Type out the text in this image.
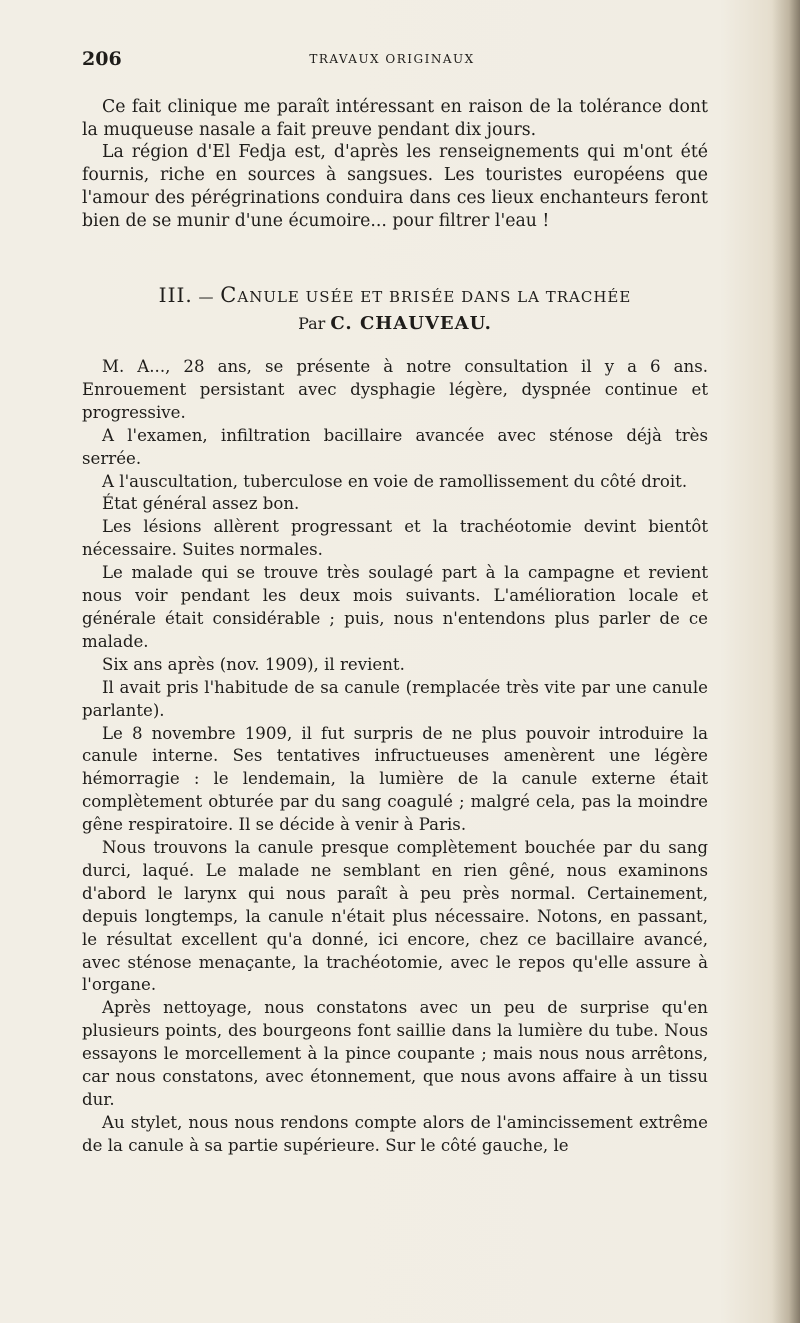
206	TRAVAUX ORIGINAUX

Ce fait clinique me paraît intéressant en raison de la tolérance dont la muqueuse nasale a fait preuve pendant dix jours.

La région d'El Fedja est, d'après les renseignements qui m'ont été fournis, riche en sources à sangsues. Les touristes européens que l'amour des pérégrinations conduira dans ces lieux enchanteurs feront bien de se munir d'une écumoire... pour filtrer l'eau !

III. — CANULE USÉE ET BRISÉE DANS LA TRACHÉE
Par C. CHAUVEAU.

M. A..., 28 ans, se présente à notre consultation il y a 6 ans. Enrouement persistant avec dysphagie légère, dyspnée continue et progressive.

A l'examen, infiltration bacillaire avancée avec sténose déjà très serrée.

A l'auscultation, tuberculose en voie de ramollissement du côté droit.

État général assez bon.

Les lésions allèrent progressant et la trachéotomie devint bientôt nécessaire. Suites normales.

Le malade qui se trouve très soulagé part à la campagne et revient nous voir pendant les deux mois suivants. L'amélioration locale et générale était considérable ; puis, nous n'entendons plus parler de ce malade.

Six ans après (nov. 1909), il revient.

Il avait pris l'habitude de sa canule (remplacée très vite par une canule parlante).

Le 8 novembre 1909, il fut surpris de ne plus pouvoir introduire la canule interne. Ses tentatives infructueuses amenèrent une légère hémorragie : le lendemain, la lumière de la canule externe était complètement obturée par du sang coagulé ; malgré cela, pas la moindre gêne respiratoire. Il se décide à venir à Paris.

Nous trouvons la canule presque complètement bouchée par du sang durci, laqué. Le malade ne semblant en rien gêné, nous examinons d'abord le larynx qui nous paraît à peu près normal. Certainement, depuis longtemps, la canule n'était plus nécessaire. Notons, en passant, le résultat excellent qu'a donné, ici encore, chez ce bacillaire avancé, avec sténose menaçante, la trachéotomie, avec le repos qu'elle assure à l'organe.

Après nettoyage, nous constatons avec un peu de surprise qu'en plusieurs points, des bourgeons font saillie dans la lumière du tube. Nous essayons le morcellement à la pince coupante ; mais nous nous arrêtons, car nous constatons, avec étonnement, que nous avons affaire à un tissu dur.

Au stylet, nous nous rendons compte alors de l'amincissement extrême de la canule à sa partie supérieure. Sur le côté gauche, le
